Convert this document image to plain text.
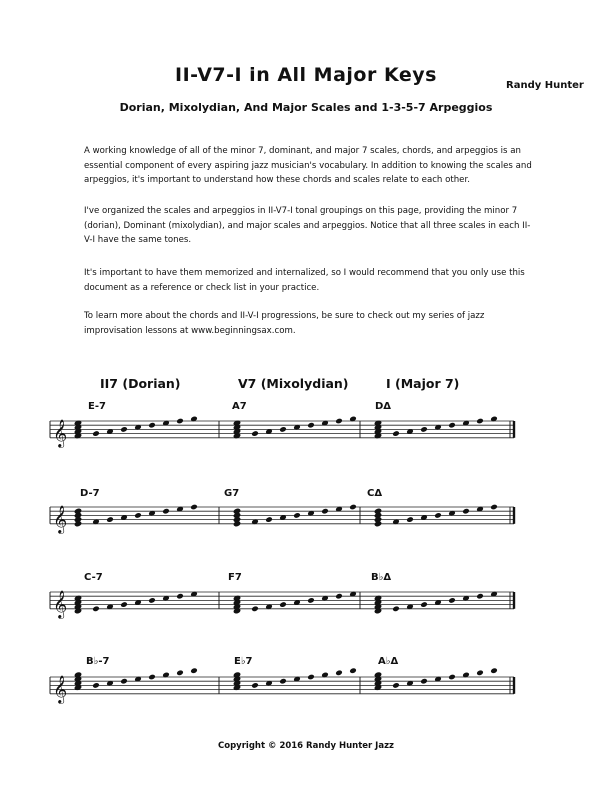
II-V7-I in All Major Keys	Randy Hunter
Dorian, Mixolydian, And Major Scales and 1-3-5-7 Arpeggios
A working knowledge of all of the minor 7, dominant, and major 7 scales, chords, and arpeggios is an essential component of every aspiring jazz musician's vocabulary. In addition to knowing the scales and arpeggios, it's important to understand how these chords and scales relate to each other.
I've organized the scales and arpeggios in II-V7-I tonal groupings on this page, providing the minor 7 (dorian), Dominant (mixolydian), and major scales and arpeggios. Notice that all three scales in each II-V-I have the same tones.
It's important to have them memorized and internalized, so I would recommend that you only use this document as a reference or check list in your practice.
To learn more about the chords and II-V-I progressions, be sure to check out my series of jazz improvisation lessons at www.beginningsax.com.
II7 (Dorian)	V7 (Mixolydian)	I (Major 7)
E-7	A7	DΔ
D-7	G7	CΔ
C-7	F7	B♭Δ
B♭-7	E♭7	A♭Δ
𝄞
𝄞
𝄞
𝄞
Copyright © 2016 Randy Hunter Jazz
